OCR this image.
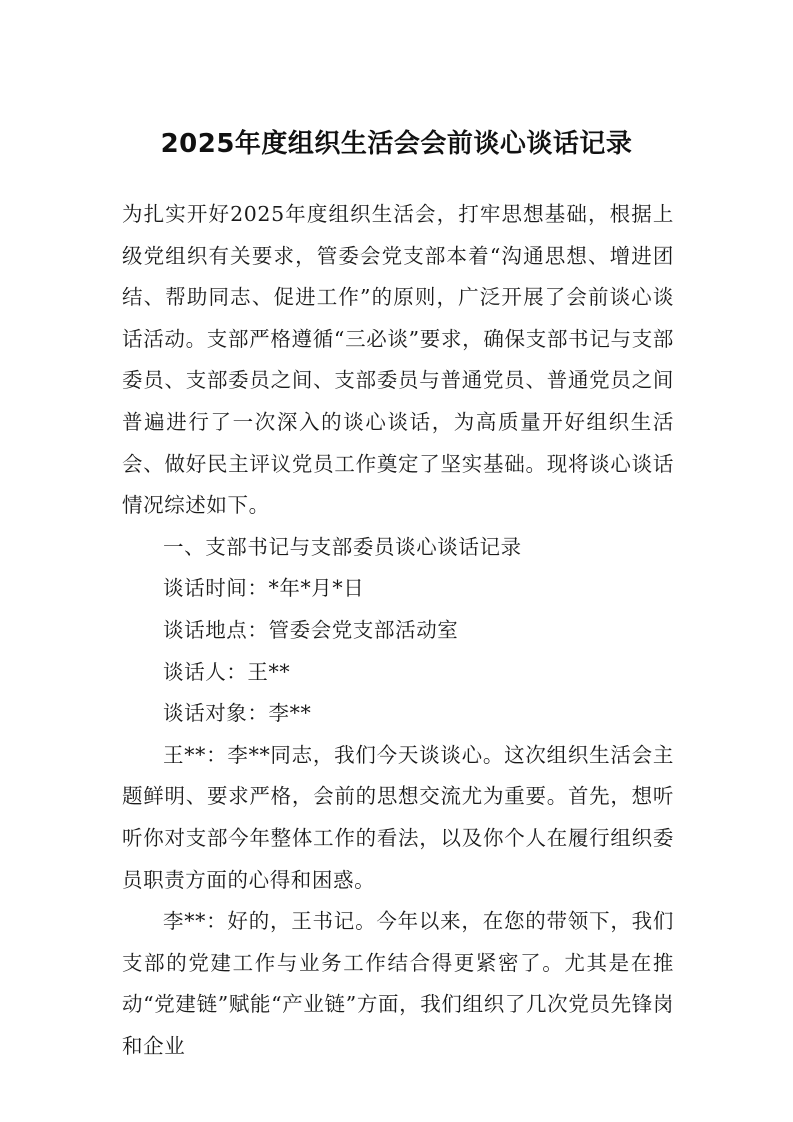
2025年度组织生活会会前谈心谈话记录

为扎实开好2025年度组织生活会，打牢思想基础，根据上级党组织有关要求，管委会党支部本着“沟通思想、增进团结、帮助同志、促进工作”的原则，广泛开展了会前谈心谈话活动。支部严格遵循“三必谈”要求，确保支部书记与支部委员、支部委员之间、支部委员与普通党员、普通党员之间普遍进行了一次深入的谈心谈话，为高质量开好组织生活会、做好民主评议党员工作奠定了坚实基础。现将谈心谈话情况综述如下。

一、支部书记与支部委员谈心谈话记录

谈话时间：*年*月*日

谈话地点：管委会党支部活动室

谈话人：王**

谈话对象：李**

王**：李**同志，我们今天谈谈心。这次组织生活会主题鲜明、要求严格，会前的思想交流尤为重要。首先，想听听你对支部今年整体工作的看法，以及你个人在履行组织委员职责方面的心得和困惑。

李**：好的，王书记。今年以来，在您的带领下，我们支部的党建工作与业务工作结合得更紧密了。尤其是在推动“党建链”赋能“产业链”方面，我们组织了几次党员先锋岗和企业
